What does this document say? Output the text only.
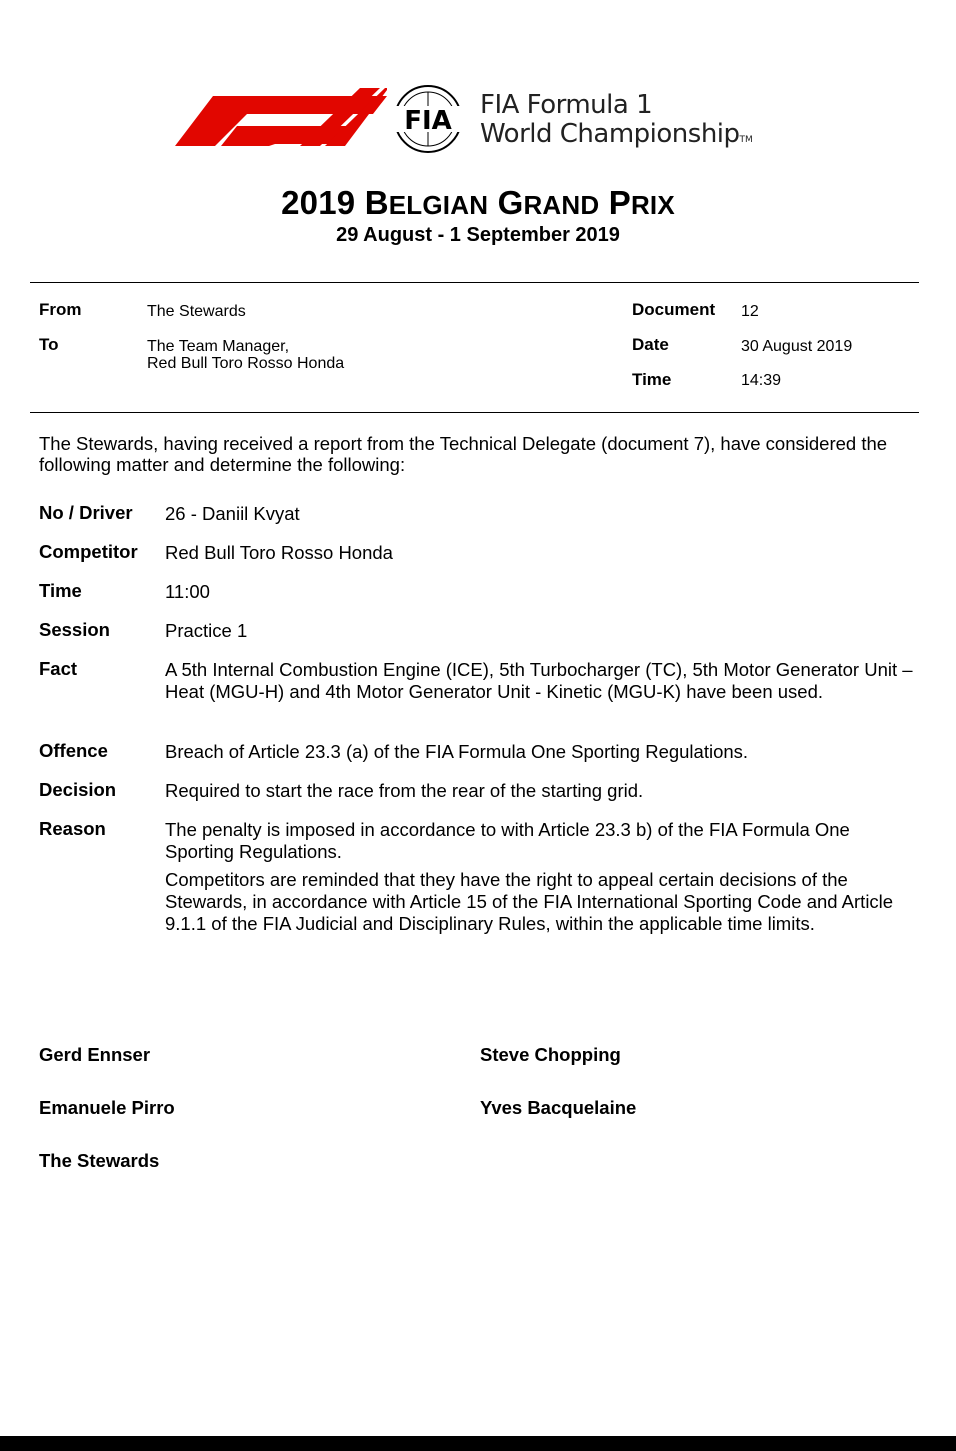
FIA
FIA Formula 1
World ChampionshipTM
2019 BELGIAN GRAND PRIX
29 August - 1 September 2019
From	The Stewards
To	The Team Manager,
Red Bull Toro Rosso Honda
Document 12
Date	30 August 2019
Time	14:39
The Stewards, having received a report from the Technical Delegate (document 7), have considered the following matter and determine the following:
No / Driver 26 - Daniil Kvyat
Competitor Red Bull Toro Rosso Honda
Time	11:00
Session	Practice 1
Fact	A 5th Internal Combustion Engine (ICE), 5th Turbocharger (TC), 5th Motor Generator Unit – Heat (MGU-H) and 4th Motor Generator Unit - Kinetic (MGU-K) have been used.
Offence	Breach of Article 23.3 (a) of the FIA Formula One Sporting Regulations.
Decision	Required to start the race from the rear of the starting grid.
Reason	The penalty is imposed in accordance to with Article 23.3 b) of the FIA Formula One Sporting Regulations.
Competitors are reminded that they have the right to appeal certain decisions of the Stewards, in accordance with Article 15 of the FIA International Sporting Code and Article 9.1.1 of the FIA Judicial and Disciplinary Rules, within the applicable time limits.
Gerd Ennser	Steve Chopping
Emanuele Pirro	Yves Bacquelaine
The Stewards
